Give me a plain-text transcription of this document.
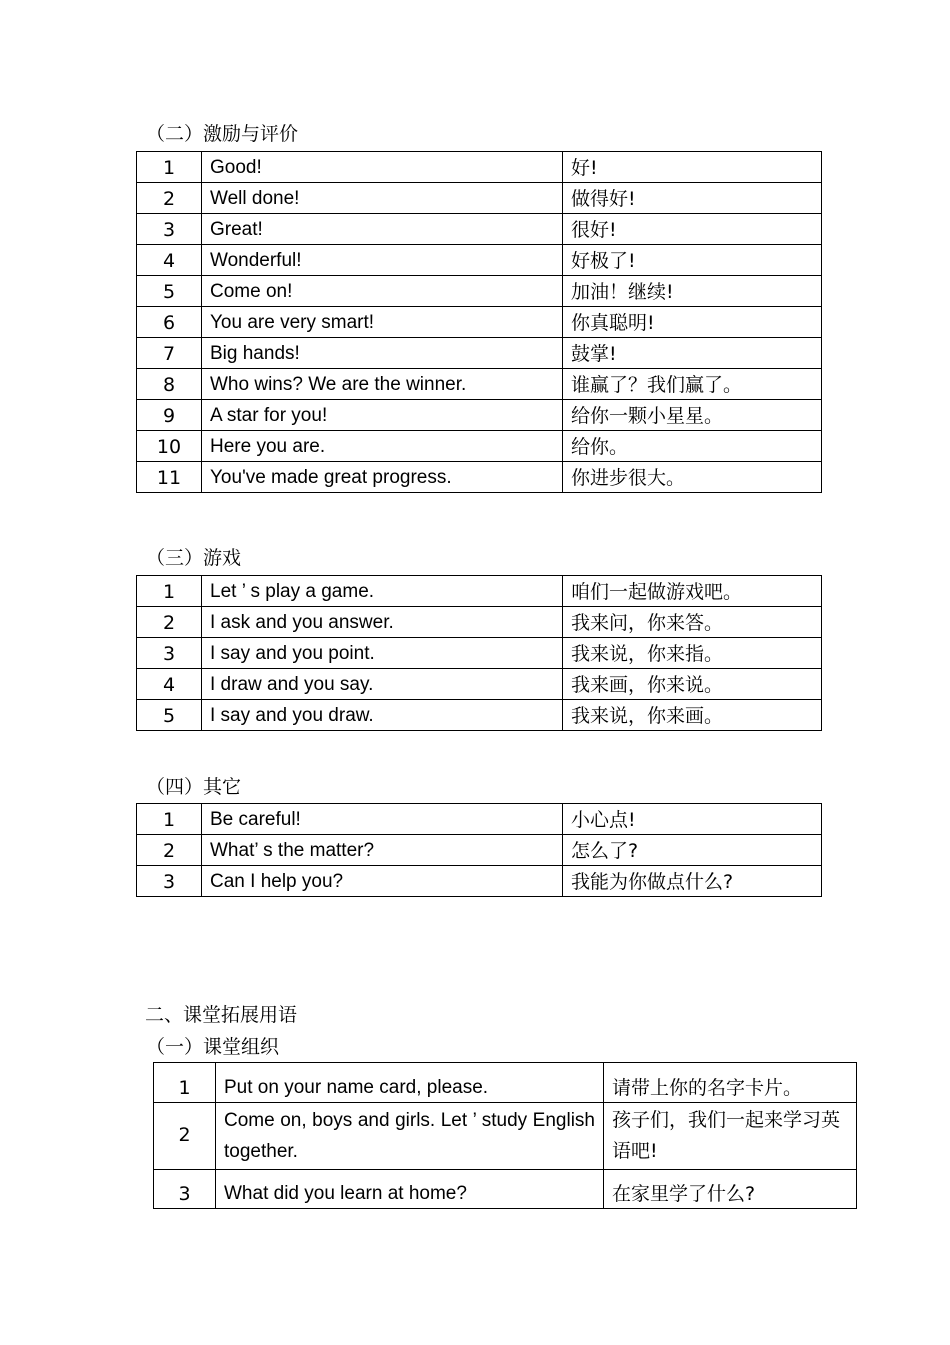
（二）激励与评价
1	Good!	好!

2	Well done!	做得好!

3	Great!	很好!

4	Wonderful!	好极了!

5	Come on!	加油！继续!

6	You are very smart!	你真聪明!

7	Big hands!	鼓掌!

8	Who wins? We are the winner.	谁赢了？我们赢了。

9	A star for you!	给你一颗小星星。

10	Here you are.	给你。

11	You've made great progress.	你进步很大。
（三）游戏
1	Let ’ s play a game.	咱们一起做游戏吧。

2	I ask and you answer.	我来问，你来答。

3	I say and you point.	我来说，你来指。

4	I draw and you say.	我来画，你来说。

5	I say and you draw.	我来说，你来画。
（四）其它
1	Be careful!	小心点!

2	What’ s the matter?	怎么了?

3	Can I help you?	我能为你做点什么?
二、课堂拓展用语
（一）课堂组织
1	Put on your name card, please.	请带上你的名字卡片。

2	Come on, boys and girls. Let ’ study English together.	孩子们，我们一起来学习英语吧!

3	What did you learn at home?	在家里学了什么?
